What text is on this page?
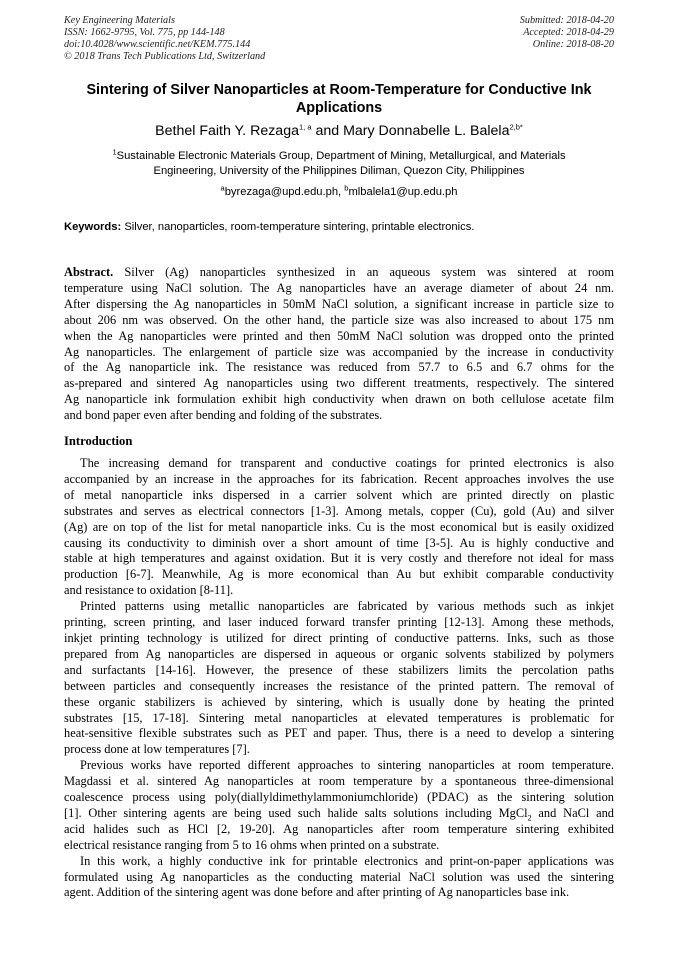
Key Engineering Materials
ISSN: 1662-9795, Vol. 775, pp 144-148
doi:10.4028/www.scientific.net/KEM.775.144
© 2018 Trans Tech Publications Ltd, Switzerland
Submitted: 2018-04-20
Accepted: 2018-04-29
Online: 2018-08-20
Sintering of Silver Nanoparticles at Room-Temperature for Conductive Ink Applications
Bethel Faith Y. Rezaga$^{1, a}$ and Mary Donnabelle L. Balela$^{2,b*}$
$^1$Sustainable Electronic Materials Group, Department of Mining, Metallurgical, and Materials
Engineering, University of the Philippines Diliman, Quezon City, Philippines
$^a$byrezaga@upd.edu.ph, $^b$mlbalela1@up.edu.ph
Keywords: Silver, nanoparticles, room-temperature sintering, printable electronics.
Abstract. Silver (Ag) nanoparticles synthesized in an aqueous system was sintered at room
temperature using NaCl solution. The Ag nanoparticles have an average diameter of about 24 nm.
After dispersing the Ag nanoparticles in 50mM NaCl solution, a significant increase in particle size to
about 206 nm was observed. On the other hand, the particle size was also increased to about 175 nm
when the Ag nanoparticles were printed and then 50mM NaCl solution was dropped onto the printed
Ag nanoparticles. The enlargement of particle size was accompanied by the increase in conductivity
of the Ag nanoparticle ink. The resistance was reduced from 57.7 to 6.5 and 6.7 ohms for the
as-prepared and sintered Ag nanoparticles using two different treatments, respectively. The sintered
Ag nanoparticle ink formulation exhibit high conductivity when drawn on both cellulose acetate film
and bond paper even after bending and folding of the substrates.
Introduction
The increasing demand for transparent and conductive coatings for printed electronics is also
accompanied by an increase in the approaches for its fabrication. Recent approaches involves the use
of metal nanoparticle inks dispersed in a carrier solvent which are printed directly on plastic
substrates and serves as electrical connectors [1-3]. Among metals, copper (Cu), gold (Au) and silver
(Ag) are on top of the list for metal nanoparticle inks. Cu is the most economical but is easily oxidized
causing its conductivity to diminish over a short amount of time [3-5]. Au is highly conductive and
stable at high temperatures and against oxidation. But it is very costly and therefore not ideal for mass
production [6-7]. Meanwhile, Ag is more economical than Au but exhibit comparable conductivity
and resistance to oxidation [8-11].
Printed patterns using metallic nanoparticles are fabricated by various methods such as inkjet
printing, screen printing, and laser induced forward transfer printing [12-13]. Among these methods,
inkjet printing technology is utilized for direct printing of conductive patterns. Inks, such as those
prepared from Ag nanoparticles are dispersed in aqueous or organic solvents stabilized by polymers
and surfactants [14-16]. However, the presence of these stabilizers limits the percolation paths
between particles and consequently increases the resistance of the printed pattern. The removal of
these organic stabilizers is achieved by sintering, which is usually done by heating the printed
substrates [15, 17-18]. Sintering metal nanoparticles at elevated temperatures is problematic for
heat-sensitive flexible substrates such as PET and paper. Thus, there is a need to develop a sintering
process done at low temperatures [7].
Previous works have reported different approaches to sintering nanoparticles at room temperature.
Magdassi et al. sintered Ag nanoparticles at room temperature by a spontaneous three-dimensional
coalescence process using poly(diallyldimethylammoniumchloride) (PDAC) as the sintering solution
[1]. Other sintering agents are being used such halide salts solutions including MgCl$_2$ and NaCl and
acid halides such as HCl [2, 19-20]. Ag nanoparticles after room temperature sintering exhibited
electrical resistance ranging from 5 to 16 ohms when printed on a substrate.
In this work, a highly conductive ink for printable electronics and print-on-paper applications was
formulated using Ag nanoparticles as the conducting material NaCl solution was used the sintering
agent. Addition of the sintering agent was done before and after printing of Ag nanoparticles base ink.
